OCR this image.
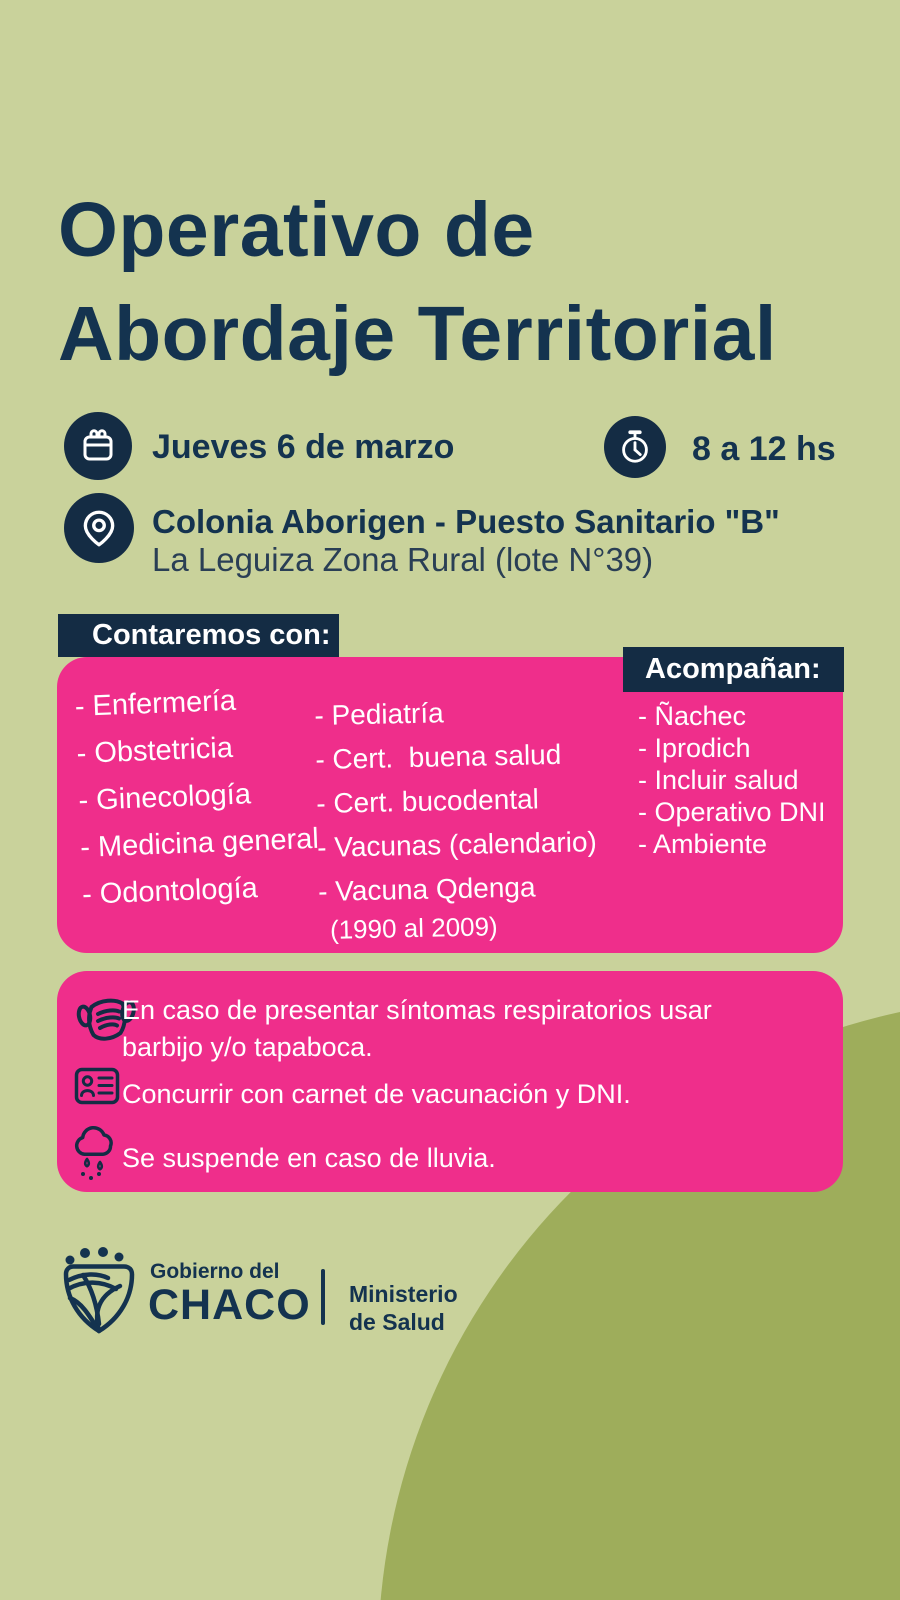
Operativo de
Abordaje Territorial
Jueves 6 de marzo	8 a 12 hs
Colonia Aborigen - Puesto Sanitario "B"
La Leguiza Zona Rural (lote N°39)
Contaremos con:
- Enfermería
- Obstetricia
- Ginecología
- Medicina general
- Odontología
- Pediatría
- Cert.  buena salud
- Cert. bucodental
- Vacunas (calendario)
- Vacuna Qdenga
(1990 al 2009)
Acompañan:
- Ñachec
- Iprodich
- Incluir salud
- Operativo DNI
- Ambiente
En caso de presentar síntomas respiratorios usar barbijo y/o tapaboca.
Concurrir con carnet de vacunación y DNI.
Se suspende en caso de lluvia.
Gobierno del
CHACO Ministerio
de Salud
